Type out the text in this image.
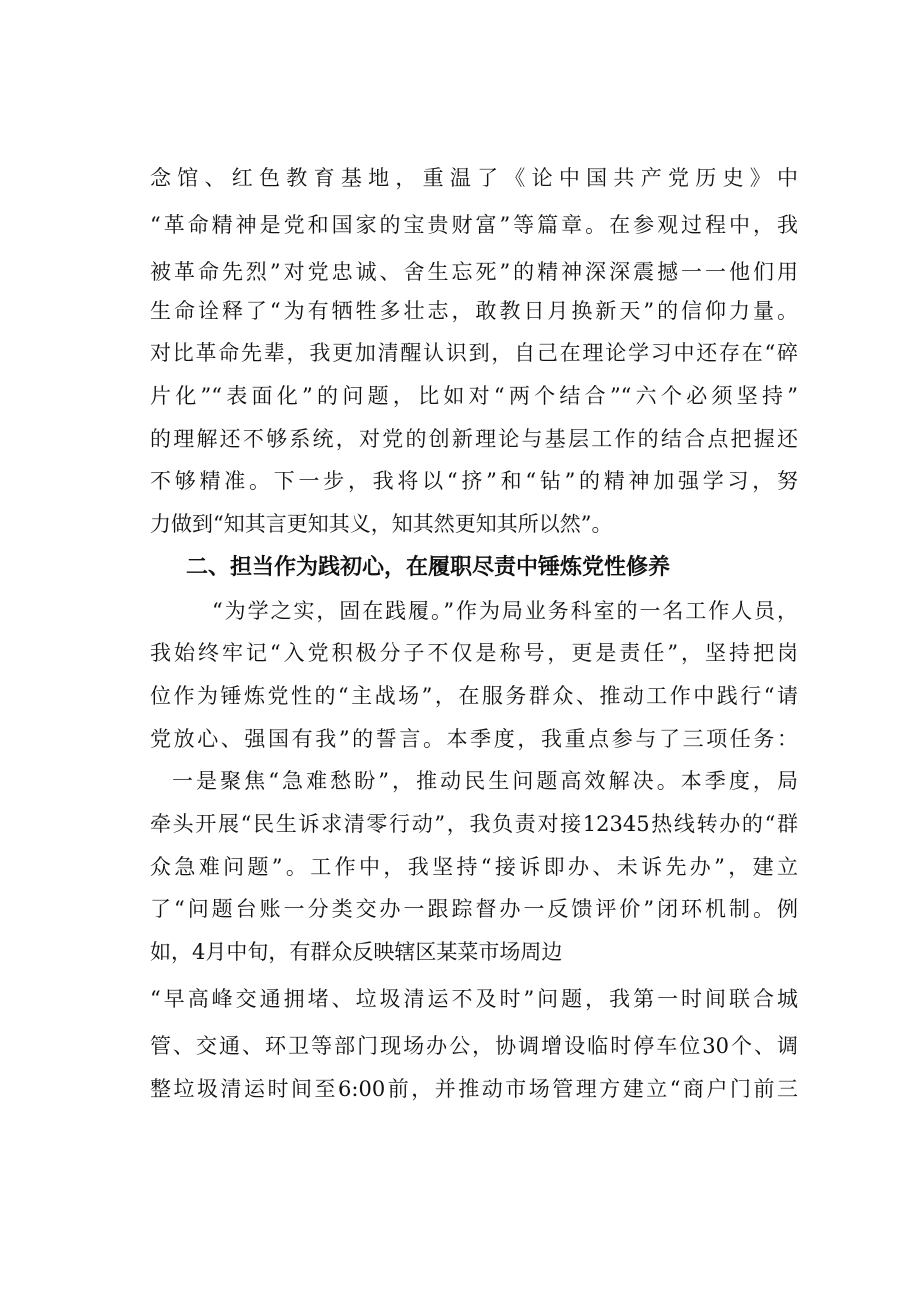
念馆、红色教育基地，重温了《论中国共产党历史》中

“革命精神是党和国家的宝贵财富”等篇章。在参观过程中，我

被革命先烈”对党忠诚、舍生忘死”的精神深深震撼一一他们用

生命诠释了“为有牺牲多壮志，敢教日月换新天”的信仰力量。

对比革命先辈，我更加清醒认识到，自己在理论学习中还存在“碎

片化”“表面化”的问题，比如对“两个结合”“六个必须坚持”

的理解还不够系统，对党的创新理论与基层工作的结合点把握还

不够精准。下一步，我将以“挤”和“钻”的精神加强学习，努

力做到“知其言更知其义，知其然更知其所以然”。

二、担当作为践初心，在履职尽责中锤炼党性修养

“为学之实，固在践履。”作为局业务科室的一名工作人员，

我始终牢记“入党积极分子不仅是称号，更是责任”，坚持把岗

位作为锤炼党性的“主战场”，在服务群众、推动工作中践行“请

党放心、强国有我”的誓言。本季度，我重点参与了三项任务：

一是聚焦“急难愁盼”，推动民生问题高效解决。本季度，局

牵头开展“民生诉求清零行动”，我负责对接12345热线转办的“群

众急难问题”。工作中，我坚持“接诉即办、未诉先办”，建立

了“问题台账一分类交办一跟踪督办一反馈评价”闭环机制。例

如，4月中旬，有群众反映辖区某菜市场周边

“早高峰交通拥堵、垃圾清运不及时”问题，我第一时间联合城

管、交通、环卫等部门现场办公，协调增设临时停车位30个、调

整垃圾清运时间至6:00前，并推动市场管理方建立“商户门前三
